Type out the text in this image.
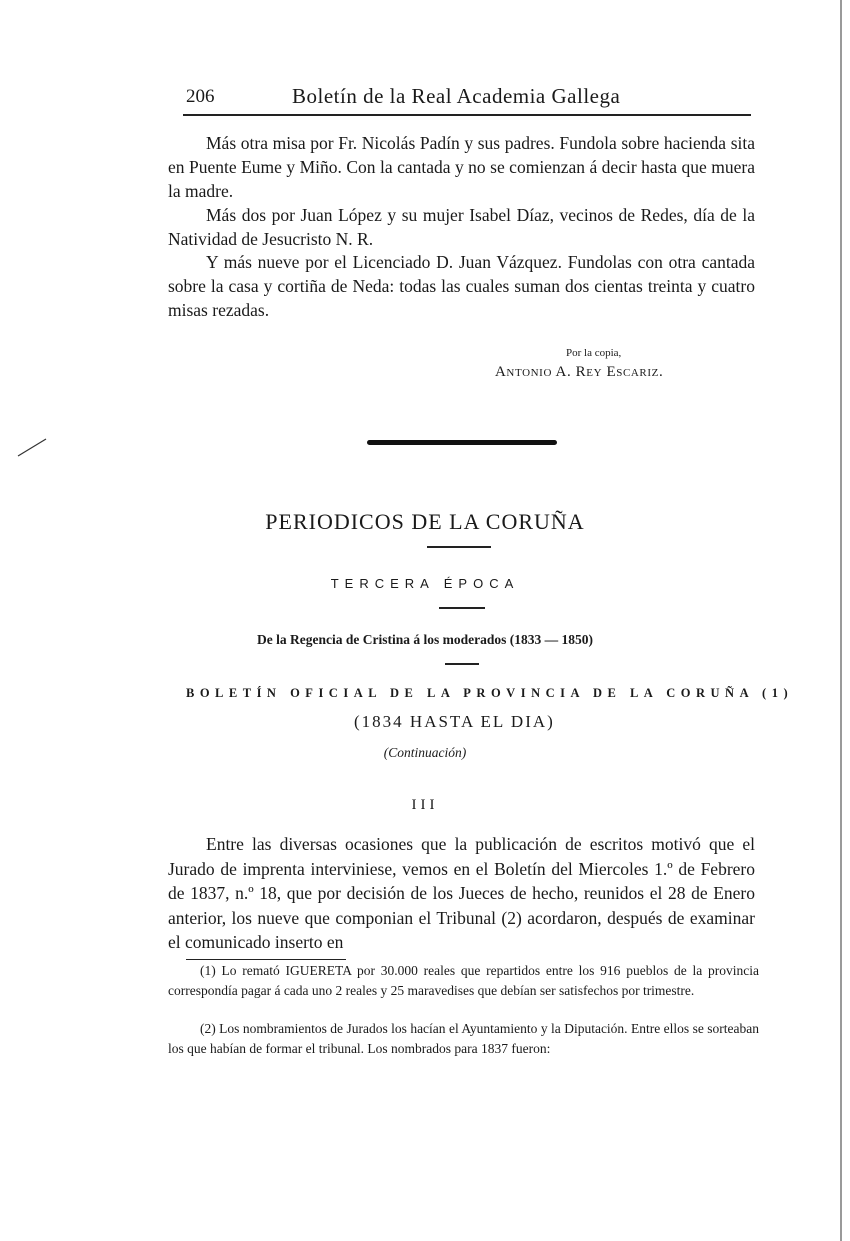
206	Boletín de la Real Academia Gallega

Más otra misa por Fr. Nicolás Padín y sus padres. Fundola sobre hacienda sita en Puente Eume y Miño. Con la cantada y no se comienzan á decir hasta que muera la madre.

Más dos por Juan López y su mujer Isabel Díaz, vecinos de Redes, día de la Natividad de Jesucristo N. R.

Y más nueve por el Licenciado D. Juan Vázquez. Fundolas con otra cantada sobre la casa y cortiña de Neda: todas las cuales suman dos cientas treinta y cuatro misas rezadas.

Por la copia,
Antonio A. Rey Escariz.
PERIODICOS DE LA CORUÑA
TERCERA ÉPOCA
De la Regencia de Cristina á los moderados (1833 — 1850)
BOLETÍN OFICIAL DE LA PROVINCIA DE LA CORUÑA (1)
(1834 HASTA EL DIA)
(Continuación)
III

Entre las diversas ocasiones que la publicación de escritos motivó que el Jurado de imprenta interviniese, vemos en el Boletín del Miercoles 1.º de Febrero de 1837, n.º 18, que por decisión de los Jueces de hecho, reunidos el 28 de Enero anterior, los nueve que componian el Tribunal (2) acordaron, después de examinar el comunicado inserto en

(1) Lo remató IGUERETA por 30.000 reales que repartidos entre los 916 pueblos de la provincia correspondía pagar á cada uno 2 reales y 25 maravedises que debían ser satisfechos por trimestre.

(2) Los nombramientos de Jurados los hacían el Ayuntamiento y la Diputación. Entre ellos se sorteaban los que habían de formar el tribunal. Los nombrados para 1837 fueron:
